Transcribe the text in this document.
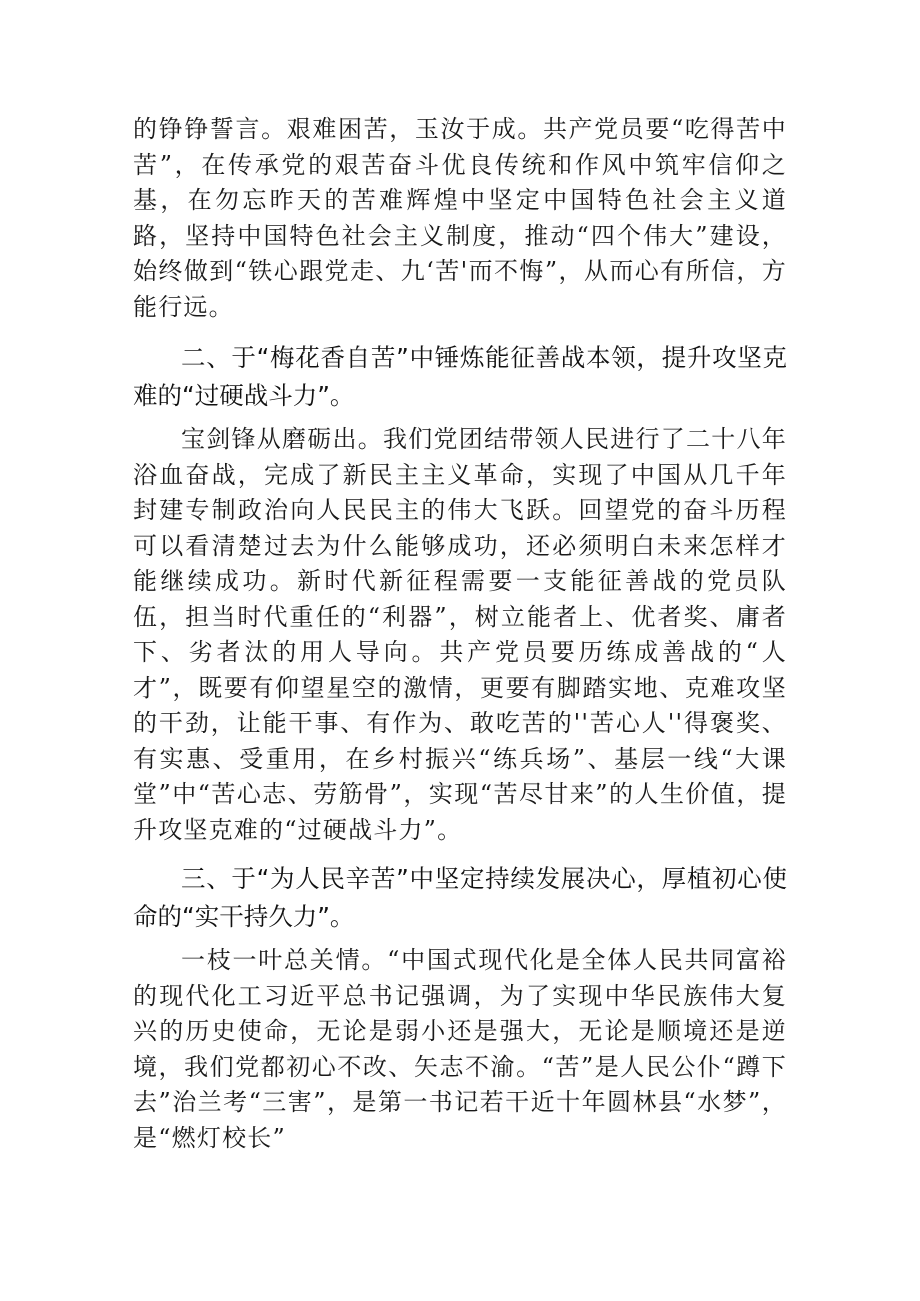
的铮铮誓言。艰难困苦，玉汝于成。共产党员要“吃得苦中苦”，在传承党的艰苦奋斗优良传统和作风中筑牢信仰之基，在勿忘昨天的苦难辉煌中坚定中国特色社会主义道路，坚持中国特色社会主义制度，推动“四个伟大”建设，始终做到“铁心跟党走、九‘苦'而不悔”，从而心有所信，方能行远。

二、于“梅花香自苦”中锤炼能征善战本领，提升攻坚克难的“过硬战斗力”。

宝剑锋从磨砺出。我们党团结带领人民进行了二十八年浴血奋战，完成了新民主主义革命，实现了中国从几千年封建专制政治向人民民主的伟大飞跃。回望党的奋斗历程可以看清楚过去为什么能够成功，还必须明白未来怎样才能继续成功。新时代新征程需要一支能征善战的党员队伍，担当时代重任的“利器”，树立能者上、优者奖、庸者下、劣者汰的用人导向。共产党员要历练成善战的“人才”，既要有仰望星空的激情，更要有脚踏实地、克难攻坚的干劲，让能干事、有作为、敢吃苦的''苦心人''得褒奖、有实惠、受重用，在乡村振兴“练兵场”、基层一线“大课堂”中“苦心志、劳筋骨”，实现“苦尽甘来”的人生价值，提升攻坚克难的“过硬战斗力”。

三、于“为人民辛苦”中坚定持续发展决心，厚植初心使命的“实干持久力”。

一枝一叶总关情。“中国式现代化是全体人民共同富裕的现代化工习近平总书记强调，为了实现中华民族伟大复兴的历史使命，无论是弱小还是强大，无论是顺境还是逆境，我们党都初心不改、矢志不渝。“苦”是人民公仆“蹲下去”治兰考“三害”，是第一书记若干近十年圆林县“水梦”，是“燃灯校长”
